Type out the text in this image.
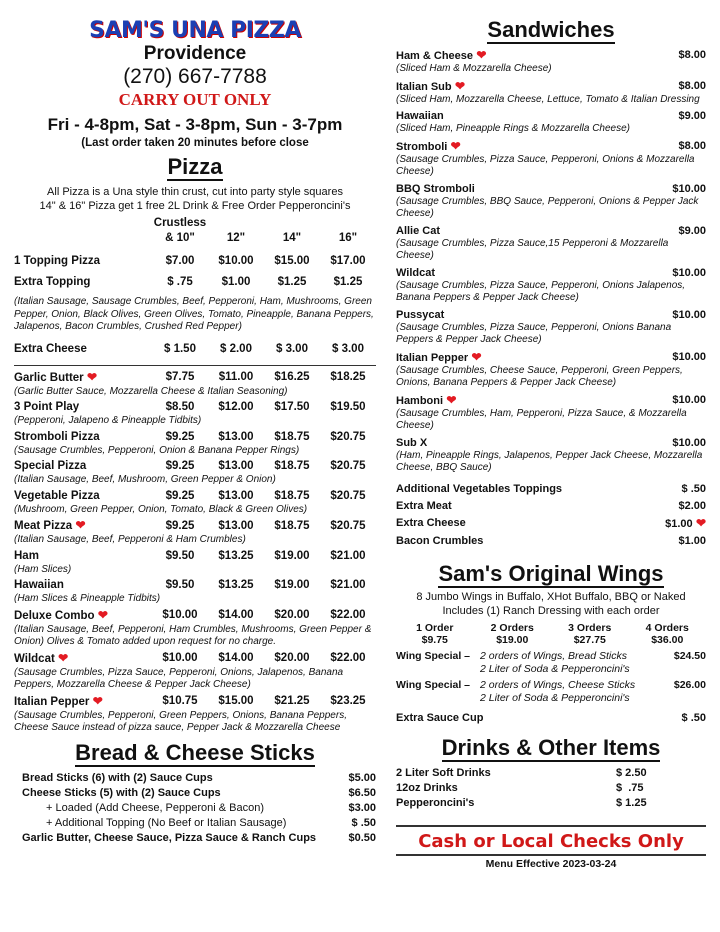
SAM'S UNA PIZZA
Providence
(270) 667-7788
CARRY OUT ONLY
Fri - 4-8pm, Sat - 3-8pm, Sun - 3-7pm
(Last order taken 20 minutes before close
Pizza
All Pizza is a Una style thin crust, cut into party style squares
14" & 16" Pizza get 1 free 2L Drink & Free Order Pepperoncini's
Crustless
& 10"	12"	14"	16"
1 Topping Pizza	$7.00	$10.00	$15.00	$17.00
Extra Topping	$ .75	$1.00	$1.25	$1.25
(Italian Sausage, Sausage Crumbles, Beef, Pepperoni, Ham, Mushrooms, Green Pepper, Onion, Black Olives, Green Olives, Tomato, Pineapple, Banana Peppers, Jalapenos, Bacon Crumbles, Crushed Red Pepper)
Extra Cheese	$ 1.50	$ 2.00	$ 3.00	$ 3.00
Garlic Butter ❤	$7.75	$11.00	$16.25	$18.25
(Garlic Butter Sauce, Mozzarella Cheese & Italian Seasoning)
3 Point Play	$8.50	$12.00	$17.50	$19.50
(Pepperoni, Jalapeno & Pineapple Tidbits)
Stromboli Pizza	$9.25	$13.00	$18.75	$20.75
(Sausage Crumbles, Pepperoni, Onion & Banana Pepper Rings)
Special Pizza	$9.25	$13.00	$18.75	$20.75
(Italian Sausage, Beef, Mushroom, Green Pepper & Onion)
Vegetable Pizza	$9.25	$13.00	$18.75	$20.75
(Mushroom, Green Pepper, Onion, Tomato, Black & Green Olives)
Meat Pizza ❤	$9.25	$13.00	$18.75	$20.75
(Italian Sausage, Beef, Pepperoni & Ham Crumbles)
Ham	$9.50	$13.25	$19.00	$21.00
(Ham Slices)
Hawaiian	$9.50	$13.25	$19.00	$21.00
(Ham Slices & Pineapple Tidbits)
Deluxe Combo ❤	$10.00	$14.00	$20.00	$22.00
(Italian Sausage, Beef, Pepperoni, Ham Crumbles, Mushrooms, Green Pepper & Onion) Olives & Tomato added upon request for no charge.
Wildcat ❤	$10.00	$14.00	$20.00	$22.00
(Sausage Crumbles, Pizza Sauce, Pepperoni, Onions, Jalapenos, Banana Peppers, Mozzarella Cheese & Pepper Jack Cheese)
Italian Pepper ❤	$10.75	$15.00	$21.25	$23.25
(Sausage Crumbles, Pepperoni, Green Peppers, Onions, Banana Peppers, Cheese Sauce instead of pizza sauce, Pepper Jack & Mozzarella Cheese
Bread & Cheese Sticks
Bread Sticks (6) with (2) Sauce Cups	$5.00
Cheese Sticks (5) with (2) Sauce Cups	$6.50
+ Loaded (Add Cheese, Pepperoni & Bacon)	$3.00
+ Additional Topping (No Beef or Italian Sausage)	$ .50
Garlic Butter, Cheese Sauce, Pizza Sauce & Ranch Cups	$0.50
Sandwiches
Ham & Cheese ❤	$8.00
(Sliced Ham & Mozzarella Cheese)
Italian Sub ❤	$8.00
(Sliced Ham, Mozzarella Cheese, Lettuce, Tomato & Italian Dressing
Hawaiian	$9.00
(Sliced Ham, Pineapple Rings & Mozzarella Cheese)
Stromboli ❤	$8.00
(Sausage Crumbles, Pizza Sauce, Pepperoni, Onions & Mozzarella Cheese)
BBQ Stromboli	$10.00
(Sausage Crumbles, BBQ Sauce, Pepperoni, Onions & Pepper Jack Cheese)
Allie Cat	$9.00
(Sausage Crumbles, Pizza Sauce,15 Pepperoni & Mozzarella Cheese)
Wildcat	$10.00
(Sausage Crumbles, Pizza Sauce, Pepperoni, Onions Jalapenos, Banana Peppers & Pepper Jack Cheese)
Pussycat	$10.00
(Sausage Crumbles, Pizza Sauce, Pepperoni, Onions Banana Peppers & Pepper Jack Cheese)
Italian Pepper ❤	$10.00
(Sausage Crumbles, Cheese Sauce, Pepperoni, Green Peppers, Onions, Banana Peppers & Pepper Jack Cheese)
Hamboni ❤	$10.00
(Sausage Crumbles, Ham, Pepperoni, Pizza Sauce, & Mozzarella Cheese)
Sub X	$10.00
(Ham, Pineapple Rings, Jalapenos, Pepper Jack Cheese, Mozzarella Cheese, BBQ Sauce)
Additional Vegetables Toppings	$ .50
Extra Meat	$2.00
Extra Cheese	$1.00 ❤
Bacon Crumbles	$1.00
Sam's Original Wings
8 Jumbo Wings in Buffalo, XHot Buffalo, BBQ or Naked
Includes (1) Ranch Dressing with each order
1 Order	2 Orders	3 Orders	4 Orders
$9.75	$19.00	$27.75	$36.00
Wing Special – 2 orders of Wings, Bread Sticks
2 Liter of Soda & Pepperoncini's
$24.50
Wing Special – 2 orders of Wings, Cheese Sticks
2 Liter of Soda & Pepperoncini's
$26.00
Extra Sauce Cup	$ .50
Drinks & Other Items
2 Liter Soft Drinks	$ 2.50
12oz Drinks	$  .75
Pepperoncini's	$ 1.25
Cash or Local Checks Only
Menu Effective 2023-03-24
